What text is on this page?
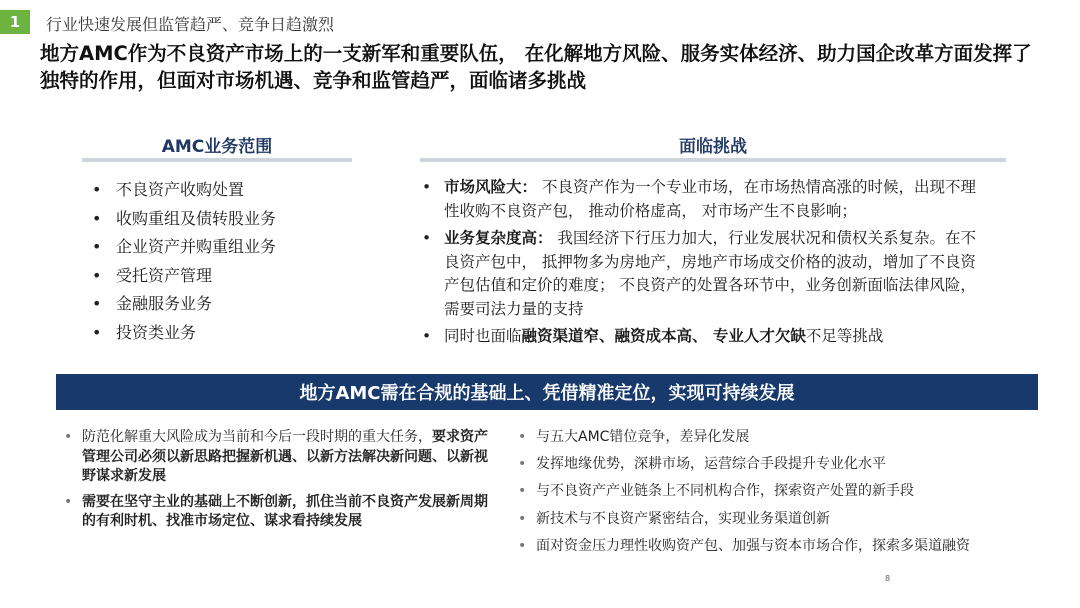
1	行业快速发展但监管趋严、竞争日趋激烈
地方AMC作为不良资产市场上的一支新军和重要队伍， 在化解地方风险、服务实体经济、助力国企改革方面发挥了独特的作用，但面对市场机遇、竞争和监管趋严，面临诸多挑战
AMC业务范围
• 不良资产收购处置
• 收购重组及债转股业务
• 企业资产并购重组业务
• 受托资产管理
• 金融服务业务
• 投资类业务
面临挑战
• 市场风险大： 不良资产作为一个专业市场，在市场热情高涨的时候，出现不理性收购不良资产包， 推动价格虚高， 对市场产生不良影响；
• 业务复杂度高： 我国经济下行压力加大，行业发展状况和债权关系复杂。在不良资产包中， 抵押物多为房地产，房地产市场成交价格的波动，增加了不良资产包估值和定价的难度； 不良资产的处置各环节中，业务创新面临法律风险，需要司法力量的支持
• 同时也面临融资渠道窄、融资成本高、 专业人才欠缺不足等挑战
地方AMC需在合规的基础上、凭借精准定位，实现可持续发展
• 防范化解重大风险成为当前和今后一段时期的重大任务，要求资产管理公司必须以新思路把握新机遇、以新方法解决新问题、以新视野谋求新发展
• 需要在坚守主业的基础上不断创新，抓住当前不良资产发展新周期的有利时机、找准市场定位、谋求看持续发展
• 与五大AMC错位竞争，差异化发展
• 发挥地缘优势，深耕市场，运营综合手段提升专业化水平
• 与不良资产产业链条上不同机构合作，探索资产处置的新手段
• 新技术与不良资产紧密结合，实现业务渠道创新
• 面对资金压力理性收购资产包、加强与资本市场合作，探索多渠道融资
8
